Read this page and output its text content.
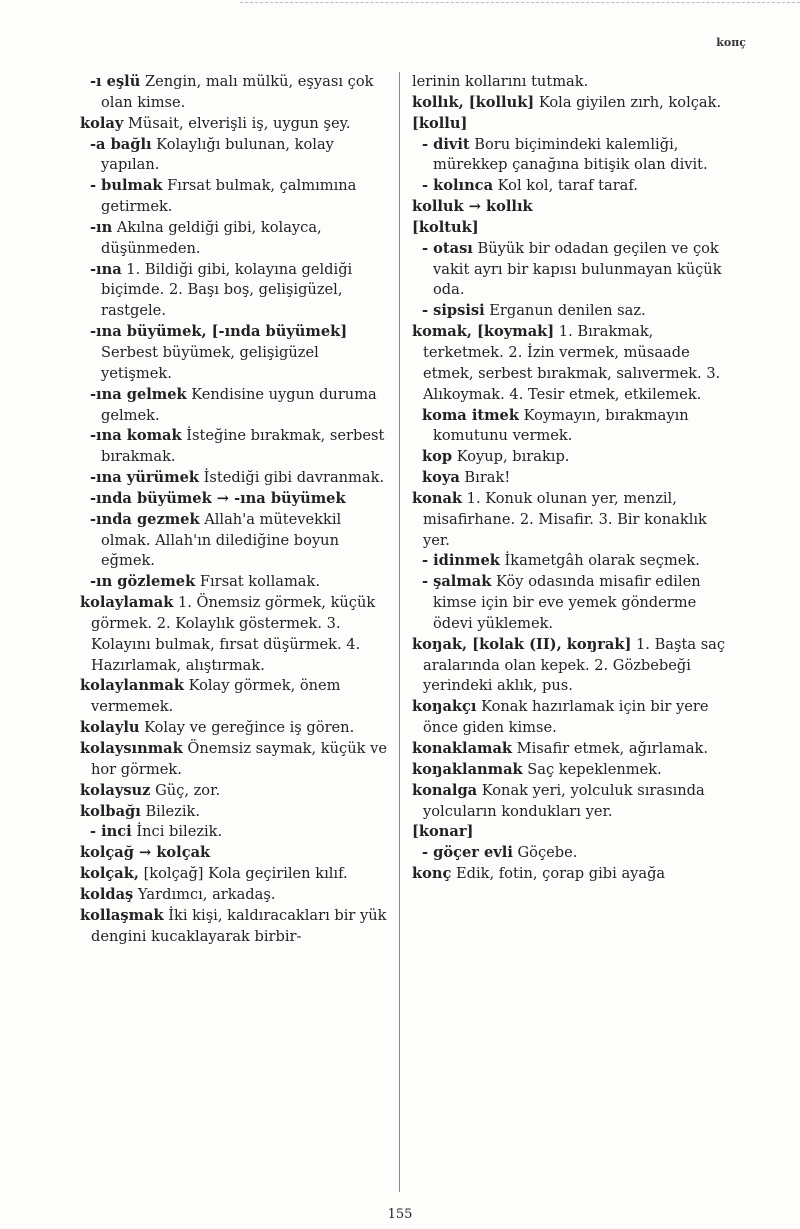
koпç

-ı eşlü Zengin, malı mülkü, eşyası çok olan kimse.

kolay Müsait, elverişli iş, uygun şey.

-a bağlı Kolaylığı bulunan, kolay yapılan.

- bulmak Fırsat bulmak, çalmımına getirmek.

-ın Akılna geldiği gibi, kolayca, düşünmeden.

-ına 1. Bildiği gibi, kolayına geldiği biçimde. 2. Başı boş, gelişigüzel, rastgele.

-ına büyümek, [-ında büyümek] Serbest büyümek, gelişigüzel yetişmek.

-ına gelmek Kendisine uygun duruma gelmek.

-ına komak İsteğine bırakmak, serbest bırakmak.

-ına yürümek İstediği gibi davranmak.

-ında büyümek → -ına büyümek

-ında gezmek Allah'a mütevekkil olmak. Allah'ın dilediğine boyun eğmek.

-ın gözlemek Fırsat kollamak.

kolaylamak 1. Önemsiz görmek, küçük görmek. 2. Kolaylık göstermek. 3. Kolayını bulmak, fırsat düşürmek. 4. Hazırlamak, alıştırmak.

kolaylanmak Kolay görmek, önem vermemek.

kolaylu Kolay ve gereğince iş gören.

kolaysınmak Önemsiz saymak, küçük ve hor görmek.

kolaysuz Güç, zor.

kolbağı Bilezik.

- inci İnci bilezik.

kolçağ → kolçak

kolçak, [kolçağ] Kola geçirilen kılıf.

koldaş Yardımcı, arkadaş.

kollaşmak İki kişi, kaldıracakları bir yük dengini kucaklayarak birbir-

lerinin kollarını tutmak.

kollık, [kolluk] Kola giyilen zırh, kolçak.

[kollu]

- divit Boru biçimindeki kalemliği, mürekkep çanağına bitişik olan divit.

- kolınca Kol kol, taraf taraf.

kolluk → kollık

[koltuk]

- otası Büyük bir odadan geçilen ve çok vakit ayrı bir kapısı bulunmayan küçük oda.

- sipsisi Erganun denilen saz.

komak, [koymak] 1. Bırakmak, terketmek. 2. İzin vermek, müsaade etmek, serbest bırakmak, salıvermek. 3. Alıkoymak. 4. Tesir etmek, etkilemek.

koma itmek Koymayın, bırakmayın komutunu vermek.

kop Koyup, bırakıp.

koya Bırak!

konak 1. Konuk olunan yer, menzil, misafirhane. 2. Misafir. 3. Bir konaklık yer.

- idinmek İkametgâh olarak seçmek.

- şalmak Köy odasında misafir edilen kimse için bir eve yemek gönderme ödevi yüklemek.

koŋak, [kolak (II), koŋrak] 1. Başta saç aralarında olan kepek. 2. Gözbebeği yerindeki aklık, pus.

koŋakçı Konak hazırlamak için bir yere önce giden kimse.

konaklamak Misafir etmek, ağırlamak.

koŋaklanmak Saç kepeklenmek.

konalga Konak yeri, yolculuk sırasında yolcuların kondukları yer.

[konar]

- göçer evli Göçebe.

konç Edik, fotin, çorap gibi ayağa

155
